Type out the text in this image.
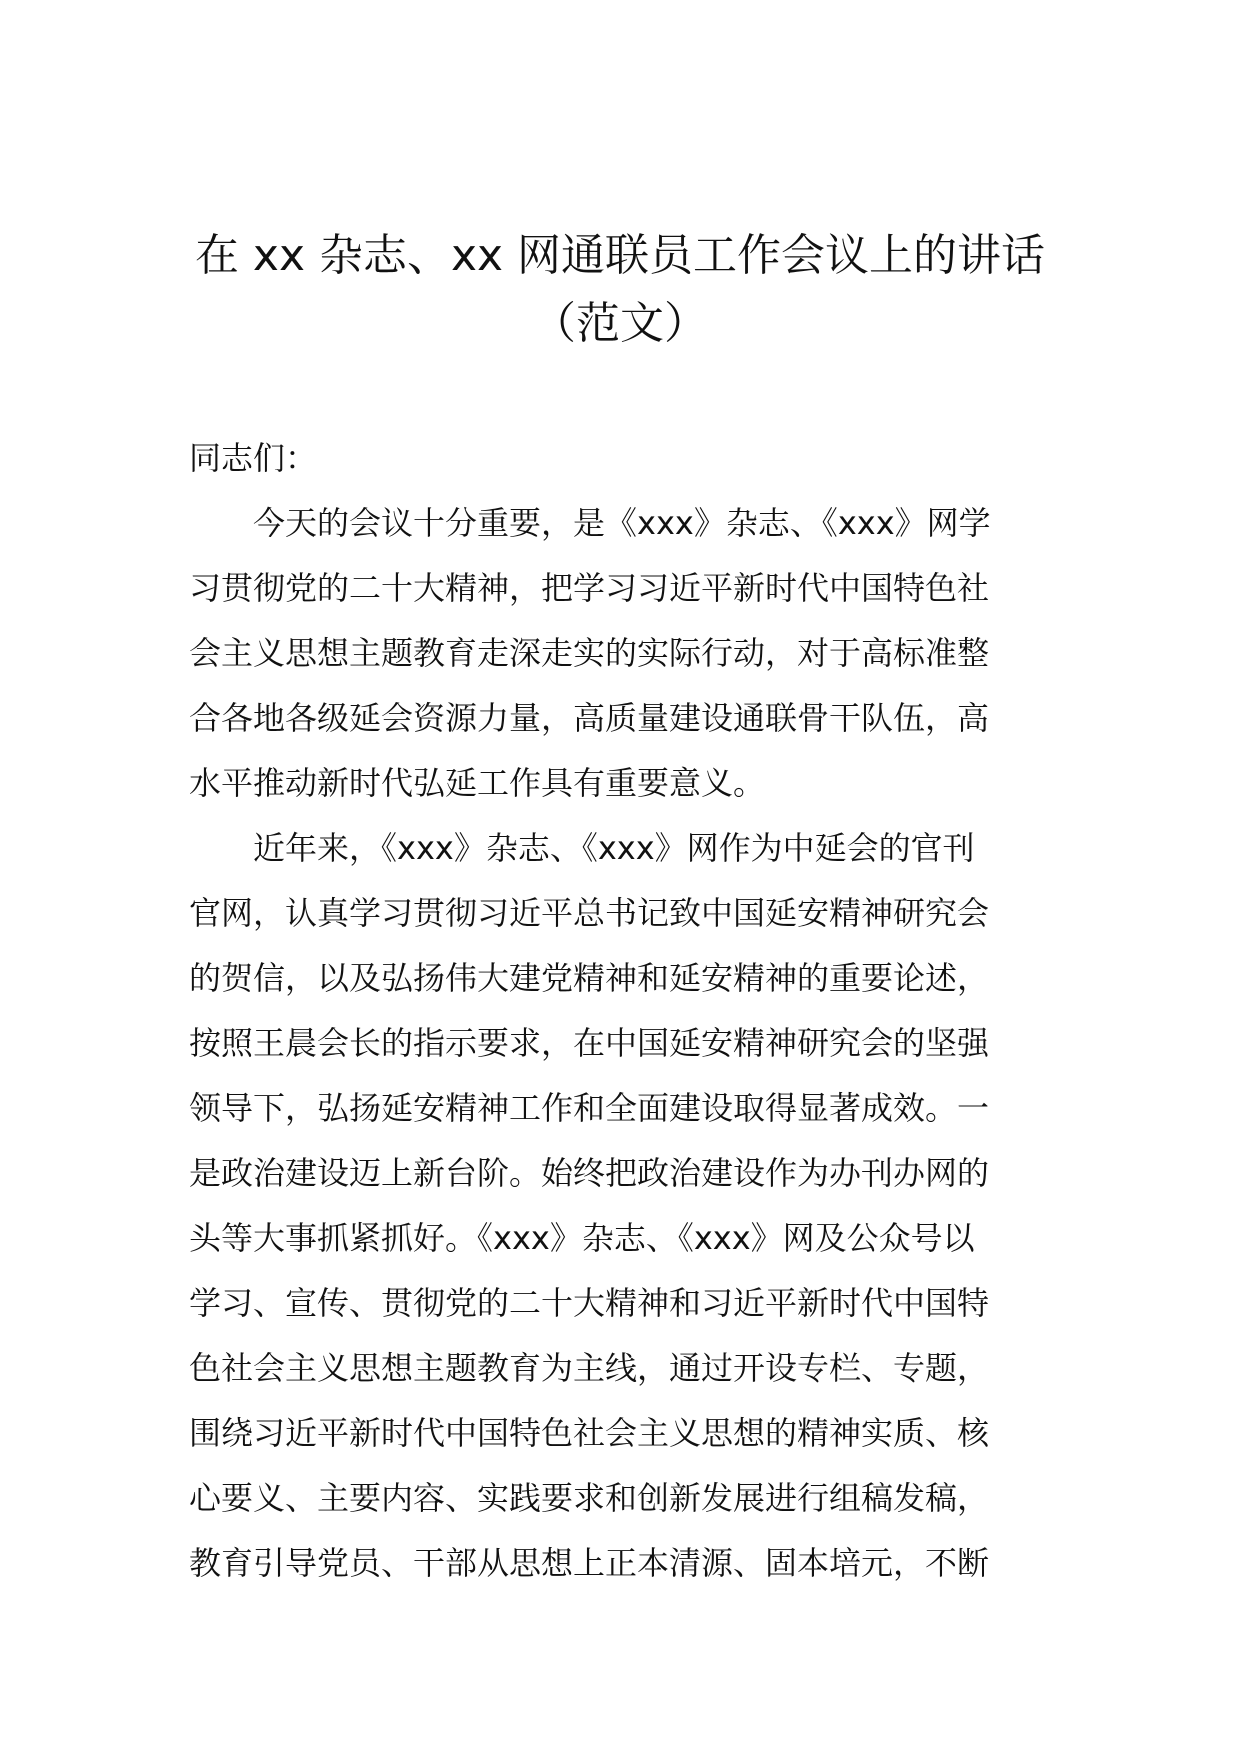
在 xx 杂志、xx 网通联员工作会议上的讲话
（范文）
同志们：
今天的会议十分重要，是《xxx》杂志、《xxx》网学
习贯彻党的二十大精神，把学习习近平新时代中国特色社
会主义思想主题教育走深走实的实际行动，对于高标准整
合各地各级延会资源力量，高质量建设通联骨干队伍，高
水平推动新时代弘延工作具有重要意义。
近年来，《xxx》杂志、《xxx》网作为中延会的官刊
官网，认真学习贯彻习近平总书记致中国延安精神研究会
的贺信，以及弘扬伟大建党精神和延安精神的重要论述，
按照王晨会长的指示要求，在中国延安精神研究会的坚强
领导下，弘扬延安精神工作和全面建设取得显著成效。一
是政治建设迈上新台阶。始终把政治建设作为办刊办网的
头等大事抓紧抓好。《xxx》杂志、《xxx》网及公众号以
学习、宣传、贯彻党的二十大精神和习近平新时代中国特
色社会主义思想主题教育为主线，通过开设专栏、专题，
围绕习近平新时代中国特色社会主义思想的精神实质、核
心要义、主要内容、实践要求和创新发展进行组稿发稿，
教育引导党员、干部从思想上正本清源、固本培元，不断
